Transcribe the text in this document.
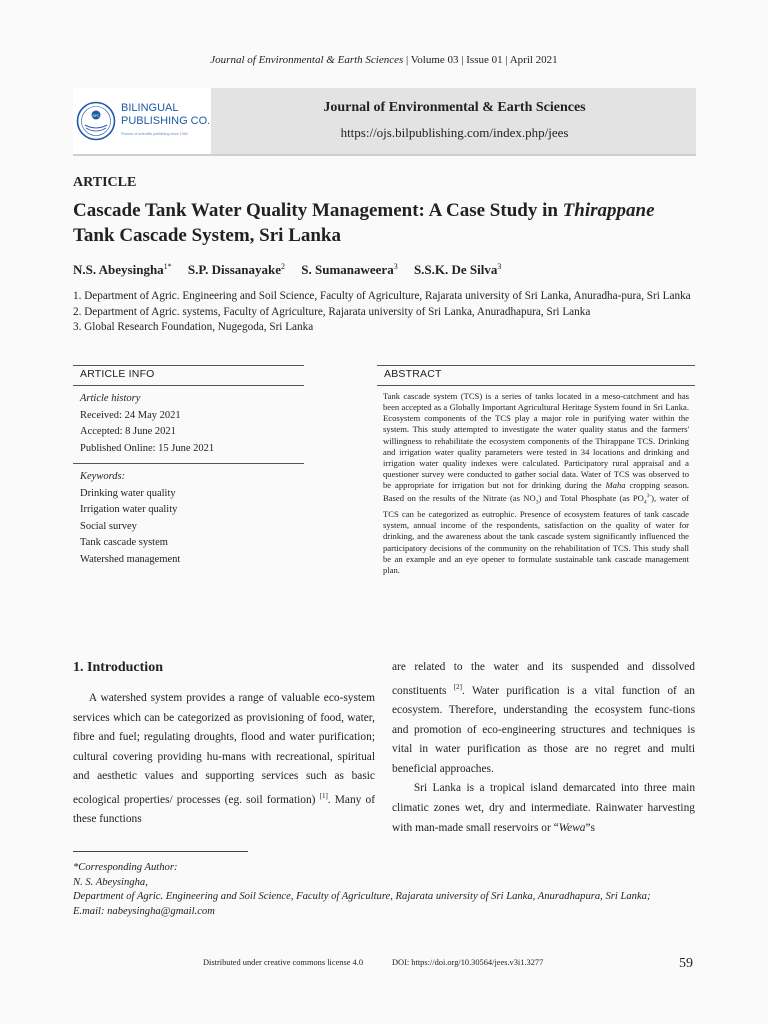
Journal of Environmental & Earth Sciences | Volume 03 | Issue 01 | April 2021
BPC
BILINGUAL
PUBLISHING CO.
Pioneer of scientific publishing since 1984
Journal of Environmental & Earth Sciences
https://ojs.bilpublishing.com/index.php/jees
ARTICLE
Cascade Tank Water Quality Management: A Case Study in Thirappane
Tank Cascade System, Sri Lanka
N.S. Abeysingha$^{1*}$ S.P. Dissanayake$^2$ S. Sumanaweera$^3$ S.S.K. De Silva$^3$
1. Department of Agric. Engineering and Soil Science, Faculty of Agriculture, Rajarata university of Sri Lanka, Anuradha-pura, Sri Lanka
2. Department of Agric. systems, Faculty of Agriculture, Rajarata university of Sri Lanka, Anuradhapura, Sri Lanka
3. Global Research Foundation, Nugegoda, Sri Lanka
ARTICLE INFO
Article history
Received: 24 May 2021
Accepted: 8 June 2021
Published Online: 15 June 2021
Keywords:
Drinking water quality
Irrigation water quality
Social survey
Tank cascade system
Watershed management
ABSTRACT
Tank cascade system (TCS) is a series of tanks located in a meso-catchment and has been accepted as a Globally Important Agricultural Heritage System found in Sri Lanka. Ecosystem components of the TCS play a major role in purifying water within the system. This study attempted to investigate the water quality status and the farmers' willingness to rehabilitate the ecosystem components of the Thirappane TCS. Drinking and irrigation water quality parameters were tested in 34 locations and drinking and irrigation water quality indexes were calculated. Participatory rural appraisal and a questioner survey were conducted to gather social data. Water of TCS was observed to be appropriate for irrigation but not for drinking during the Maha cropping season. Based on the results of the Nitrate (as $NO_3$) and Total Phosphate (as $PO_4^{3-}$), water of TCS can be categorized as eutrophic. Presence of ecosystem features of tank cascade system, annual income of the respondents, satisfaction on the quality of water for drinking, and the awareness about the tank cascade system significantly influenced the participatory decisions of the community on the rehabilitation of TCS. This study shall be an example and an eye opener to formulate sustainable tank cascade management plan.
1. Introduction
A watershed system provides a range of valuable eco-system services which can be categorized as provisioning of food, water, fibre and fuel; regulating droughts, flood and water purification; cultural covering providing hu-mans with recreational, spiritual and aesthetic values and supporting services such as basic ecological properties/ processes (eg. soil formation) [1]. Many of these functions
are related to the water and its suspended and dissolved constituents [2]. Water purification is a vital function of an ecosystem. Therefore, understanding the ecosystem func-tions and promotion of eco-engineering structures and techniques is vital in water purification as those are no regret and multi beneficial approaches.
Sri Lanka is a tropical island demarcated into three main climatic zones wet, dry and intermediate. Rainwater harvesting with man-made small reservoirs or “Wewa”s
*Corresponding Author:
N. S. Abeysingha,
Department of Agric. Engineering and Soil Science, Faculty of Agriculture, Rajarata university of Sri Lanka, Anuradhapura, Sri Lanka;
E.mail: nabeysingha@gmail.com
Distributed under creative commons license 4.0	DOI: https://doi.org/10.30564/jees.v3i1.3277	59
